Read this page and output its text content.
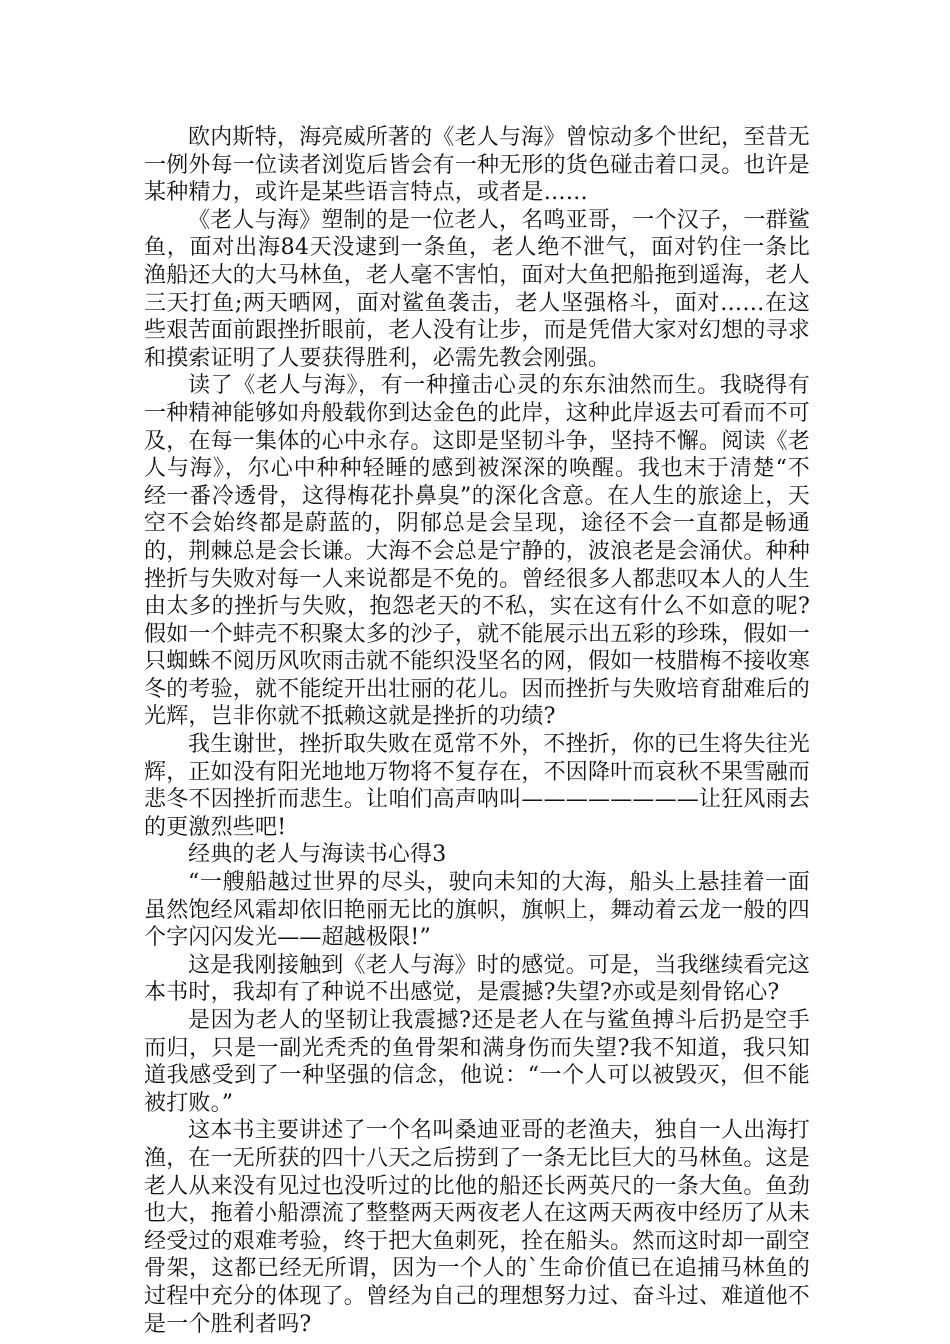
欧内斯特，海亮威所著的《老人与海》曾惊动多个世纪，至昔无一例外每一位读者浏览后皆会有一种无形的货色碰击着口灵。也许是某种精力，或许是某些语言特点，或者是……

《老人与海》塑制的是一位老人，名鸣亚哥，一个汉子，一群鲨鱼，面对出海84天没逮到一条鱼，老人绝不泄气，面对钓住一条比渔船还大的大马林鱼，老人毫不害怕，面对大鱼把船拖到遥海，老人三天打鱼;两天晒网，面对鲨鱼袭击，老人坚强格斗，面对……在这些艰苦面前跟挫折眼前，老人没有让步，而是凭借大家对幻想的寻求和摸索证明了人要获得胜利，必需先教会刚强。

读了《老人与海》，有一种撞击心灵的东东油然而生。我晓得有一种精神能够如舟般载你到达金色的此岸，这种此岸返去可看而不可及，在每一集体的心中永存。这即是坚韧斗争，坚持不懈。阅读《老人与海》，尔心中种种轻睡的感到被深深的唤醒。我也末于清楚“不经一番冷透骨，这得梅花扑鼻臭”的深化含意。在人生的旅途上，天空不会始终都是蔚蓝的，阴郁总是会呈现，途径不会一直都是畅通的，荆棘总是会长谦。大海不会总是宁静的，波浪老是会涌伏。种种挫折与失败对每一人来说都是不免的。曾经很多人都悲叹本人的人生由太多的挫折与失败，抱怨老天的不私，实在这有什么不如意的呢?假如一个蚌壳不积聚太多的沙子，就不能展示出五彩的珍珠，假如一只蜘蛛不阅历风吹雨击就不能织没坚名的网，假如一枝腊梅不接收寒冬的考验，就不能绽开出壮丽的花儿。因而挫折与失败培育甜难后的光辉，岂非你就不抵赖这就是挫折的功绩?

我生谢世，挫折取失败在觅常不外，不挫折，你的已生将失往光辉，正如没有阳光地地万物将不复存在，不因降叶而哀秋不果雪融而悲冬不因挫折而悲生。让咱们高声呐叫————————让狂风雨去的更激烈些吧!

经典的老人与海读书心得3

“一艘船越过世界的尽头，驶向未知的大海，船头上悬挂着一面虽然饱经风霜却依旧艳丽无比的旗帜，旗帜上，舞动着云龙一般的四个字闪闪发光——超越极限!”

这是我刚接触到《老人与海》时的感觉。可是，当我继续看完这本书时，我却有了种说不出感觉，是震撼?失望?亦或是刻骨铭心?

是因为老人的坚韧让我震撼?还是老人在与鲨鱼搏斗后扔是空手而归，只是一副光秃秃的鱼骨架和满身伤而失望?我不知道，我只知道我感受到了一种坚强的信念，他说：“一个人可以被毁灭，但不能被打败。”

这本书主要讲述了一个名叫桑迪亚哥的老渔夫，独自一人出海打渔，在一无所获的四十八天之后捞到了一条无比巨大的马林鱼。这是老人从来没有见过也没听过的比他的船还长两英尺的一条大鱼。鱼劲也大，拖着小船漂流了整整两天两夜老人在这两天两夜中经历了从未经受过的艰难考验，终于把大鱼刺死，拴在船头。然而这时却一副空骨架，这都已经无所谓，因为一个人的`生命价值已在追捕马林鱼的过程中充分的体现了。曾经为自己的理想努力过、奋斗过、难道他不是一个胜利者吗?
